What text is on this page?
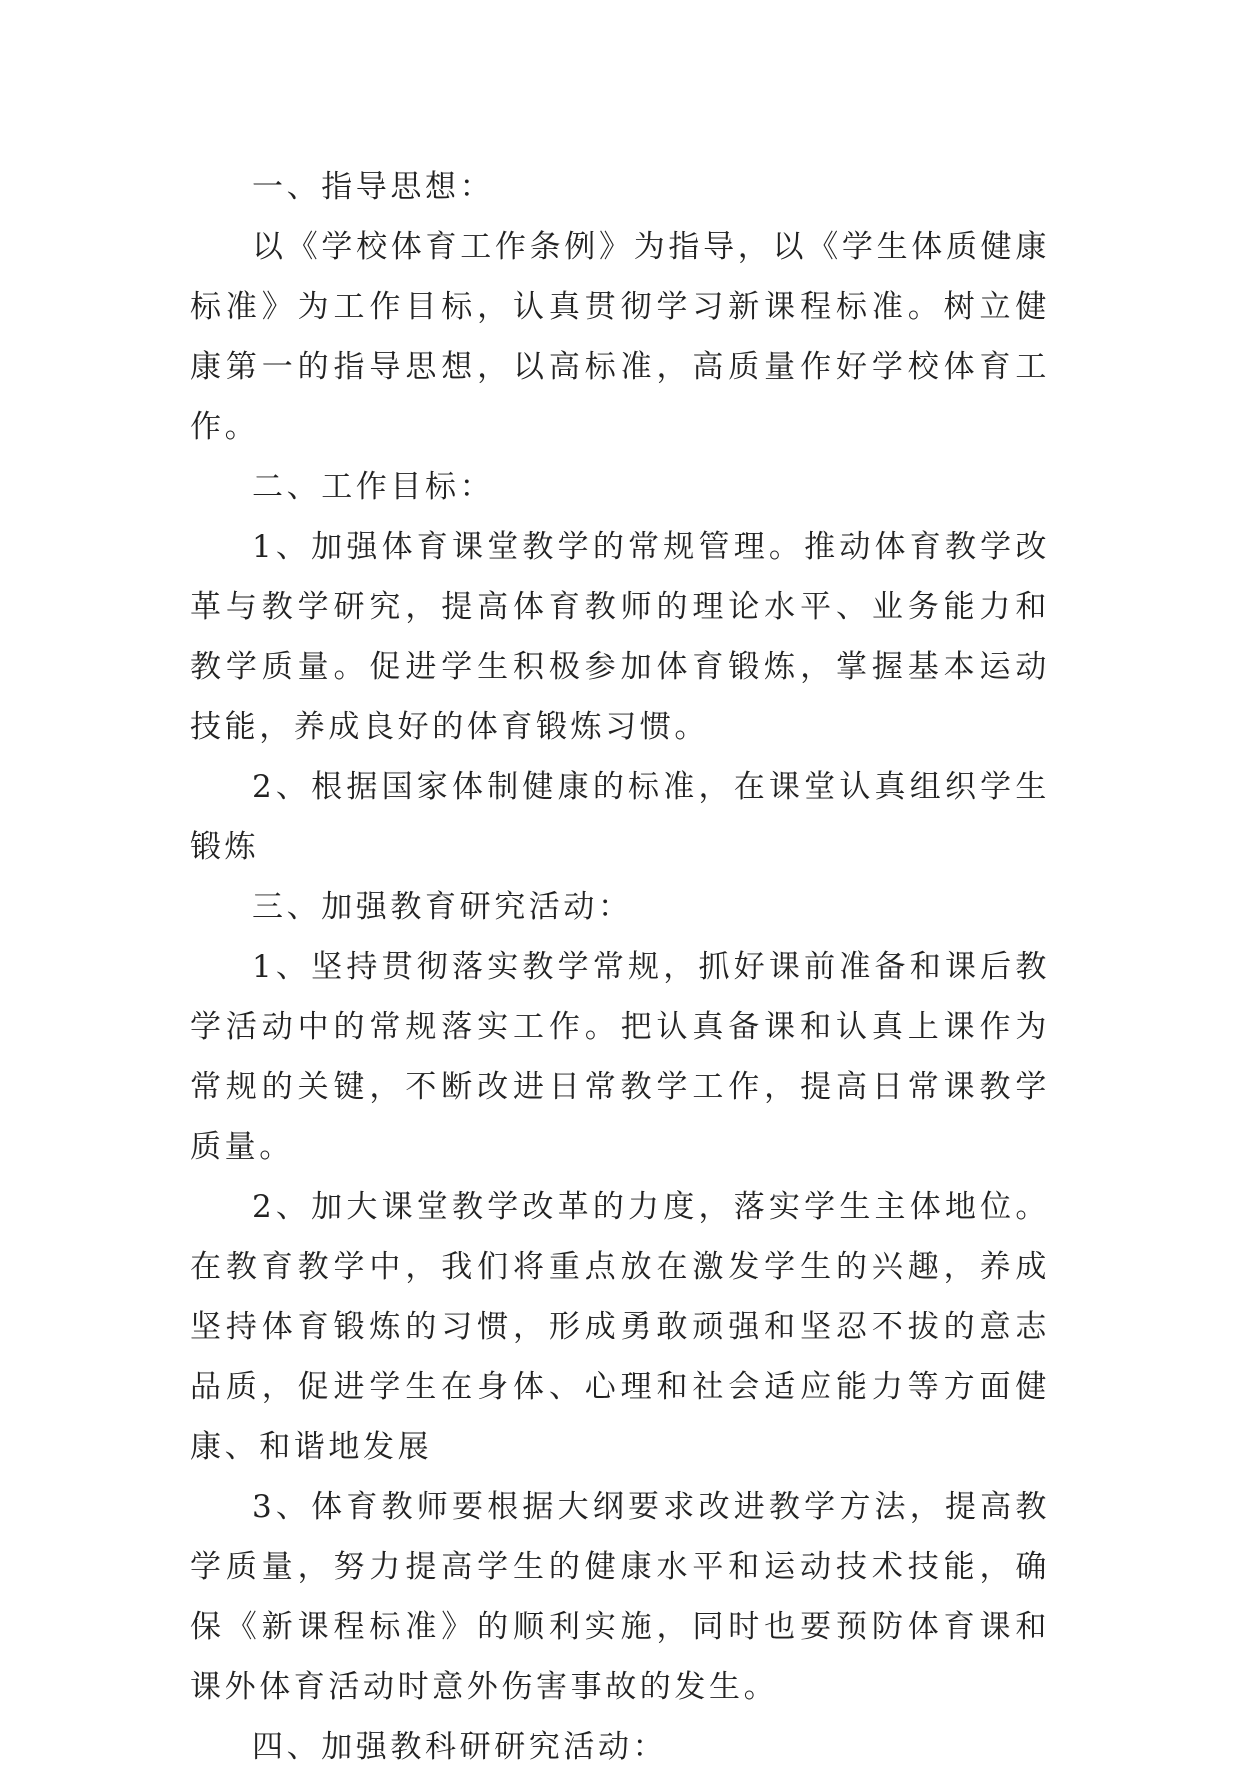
一、指导思想：

以《学校体育工作条例》为指导，以《学生体质健康标准》为工作目标，认真贯彻学习新课程标准。树立健康第一的指导思想，以高标准，高质量作好学校体育工作。

二、工作目标：

1、加强体育课堂教学的常规管理。推动体育教学改革与教学研究，提高体育教师的理论水平、业务能力和教学质量。促进学生积极参加体育锻炼，掌握基本运动技能，养成良好的体育锻炼习惯。

2、根据国家体制健康的标准，在课堂认真组织学生锻炼

三、加强教育研究活动：

1、坚持贯彻落实教学常规，抓好课前准备和课后教学活动中的常规落实工作。把认真备课和认真上课作为常规的关键，不断改进日常教学工作，提高日常课教学质量。

2、加大课堂教学改革的力度，落实学生主体地位。在教育教学中，我们将重点放在激发学生的兴趣，养成坚持体育锻炼的习惯，形成勇敢顽强和坚忍不拔的意志品质，促进学生在身体、心理和社会适应能力等方面健康、和谐地发展

3、体育教师要根据大纲要求改进教学方法，提高教学质量，努力提高学生的健康水平和运动技术技能，确保《新课程标准》的顺利实施，同时也要预防体育课和课外体育活动时意外伤害事故的发生。

四、加强教科研研究活动：
